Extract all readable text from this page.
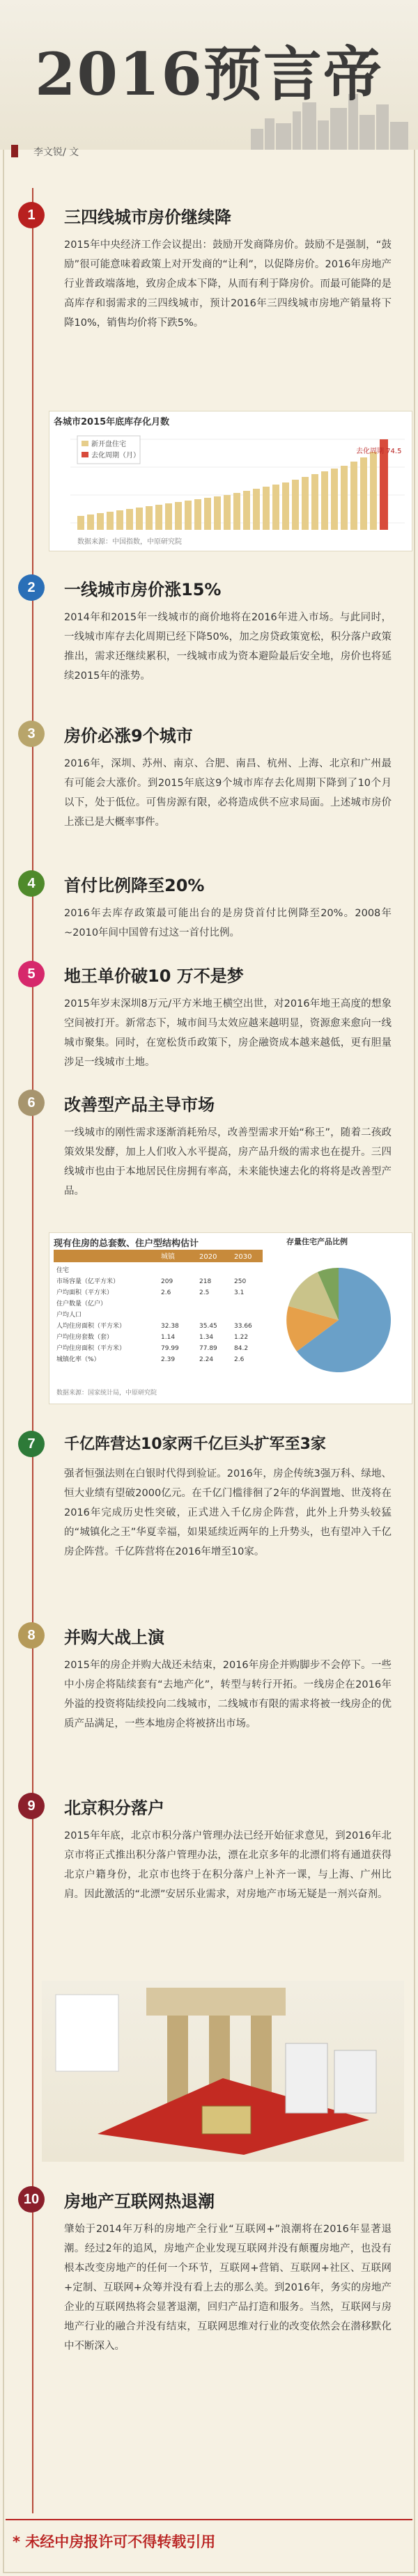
2016预言帝
李文锐/ 文
1	三四线城市房价继续降
2015年中央经济工作会议提出：鼓励开发商降房价。鼓励不是强制，“鼓励”很可能意味着政策上对开发商的“让利”，以促降房价。2016年房地产行业普政端落地，致房企成本下降，从而有利于降房价。而最可能降的是高库存和弱需求的三四线城市，预计2016年三四线城市房地产销量将下降10%，销售均价将下跌5%。
各城市2015年底库存化月数
新开盘住宅
去化周期（月）
去化周期 74.5
数据来源：中国指数，中原研究院
2	一线城市房价涨15%
2014年和2015年一线城市的商价地将在2016年进入市场。与此同时，一线城市库存去化周期已经下降50%，加之房贷政策宽松，积分落户政策推出，需求还继续累积，一线城市成为资本避险最后安全地，房价也将延续2015年的涨势。
3	房价必涨9个城市
2016年，深圳、苏州、南京、合肥、南昌、杭州、上海、北京和广州最有可能会大涨价。到2015年底这9个城市库存去化周期下降到了10个月以下，处于低位。可售房源有限，必将造成供不应求局面。上述城市房价上涨已是大概率事件。
4	首付比例降至20%
2016年去库存政策最可能出台的是房贷首付比例降至20%。2008年~2010年间中国曾有过这一首付比例。
5	地王单价破10 万不是梦
2015年岁末深圳8万元/平方米地王横空出世，对2016年地王高度的想象空间被打开。新常态下，城市间马太效应越来越明显，资源愈来愈向一线城市聚集。同时，在宽松货币政策下，房企融资成本越来越低，更有胆量涉足一线城市土地。
6	改善型产品主导市场
一线城市的刚性需求逐渐消耗殆尽，改善型需求开始“称王”，随着二孩政策效果发酵，加上人们收入水平提高，房产品升级的需求也在提升。三四线城市也由于本地居民住房拥有率高，未来能快速去化的将将是改善型产品。
现有住房的总套数、住户型结构估计
城镇	2020 2030
住宅
市场容量（亿平方米）	209	218	250
户均面积（平方米）	2.6	2.5	3.1
住户数量（亿户）
户均人口
人均住房面积（平方米）	32.38	35.45	33.66
户均住房套数（套）	1.14	1.34	1.22
户均住房面积（平方米）	79.99	77.89	84.2
城镇化率（%）	2.39	2.24	2.6
数据来源：国家统计局，中原研究院
存量住宅产品比例
7	千亿阵营达10家两千亿巨头扩军至3家
强者恒强法则在白银时代得到验证。2016年，房企传统3强万科、绿地、恒大业绩有望破2000亿元。在千亿门槛徘徊了2年的华润置地、世茂将在2016年完成历史性突破，正式进入千亿房企阵营，此外上升势头较猛的“城镇化之王”华夏幸福，如果延续近两年的上升势头，也有望冲入千亿房企阵营。千亿阵营将在2016年增至10家。
8	并购大战上演
2015年的房企并购大战还未结束，2016年房企并购脚步不会停下。一些中小房企将陆续套有“去地产化”，转型与转行开拓。一线房企在2016年外溢的投资将陆续投向二线城市，二线城市有限的需求将被一线房企的优质产品满足，一些本地房企将被挤出市场。
9	北京积分落户
2015年年底，北京市积分落户管理办法已经开始征求意见，到2016年北京市将正式推出积分落户管理办法，漂在北京多年的北漂们将有通道获得北京户籍身份，北京市也终于在积分落户上补齐一课，与上海、广州比肩。因此激活的“北漂”安居乐业需求，对房地产市场无疑是一剂兴奋剂。
10	房地产互联网热退潮
肇始于2014年万科的房地产全行业“互联网+”浪潮将在2016年显著退潮。经过2年的追风，房地产企业发现互联网并没有颠覆房地产，也没有根本改变房地产的任何一个环节，互联网+营销、互联网+社区、互联网+定制、互联网+众筹并没有看上去的那么美。到2016年，务实的房地产企业的互联网热将会显著退潮，回归产品打造和服务。当然，互联网与房地产行业的融合并没有结束，互联网思维对行业的改变依然会在潜移默化中不断深入。
* 未经中房报许可不得转载引用
